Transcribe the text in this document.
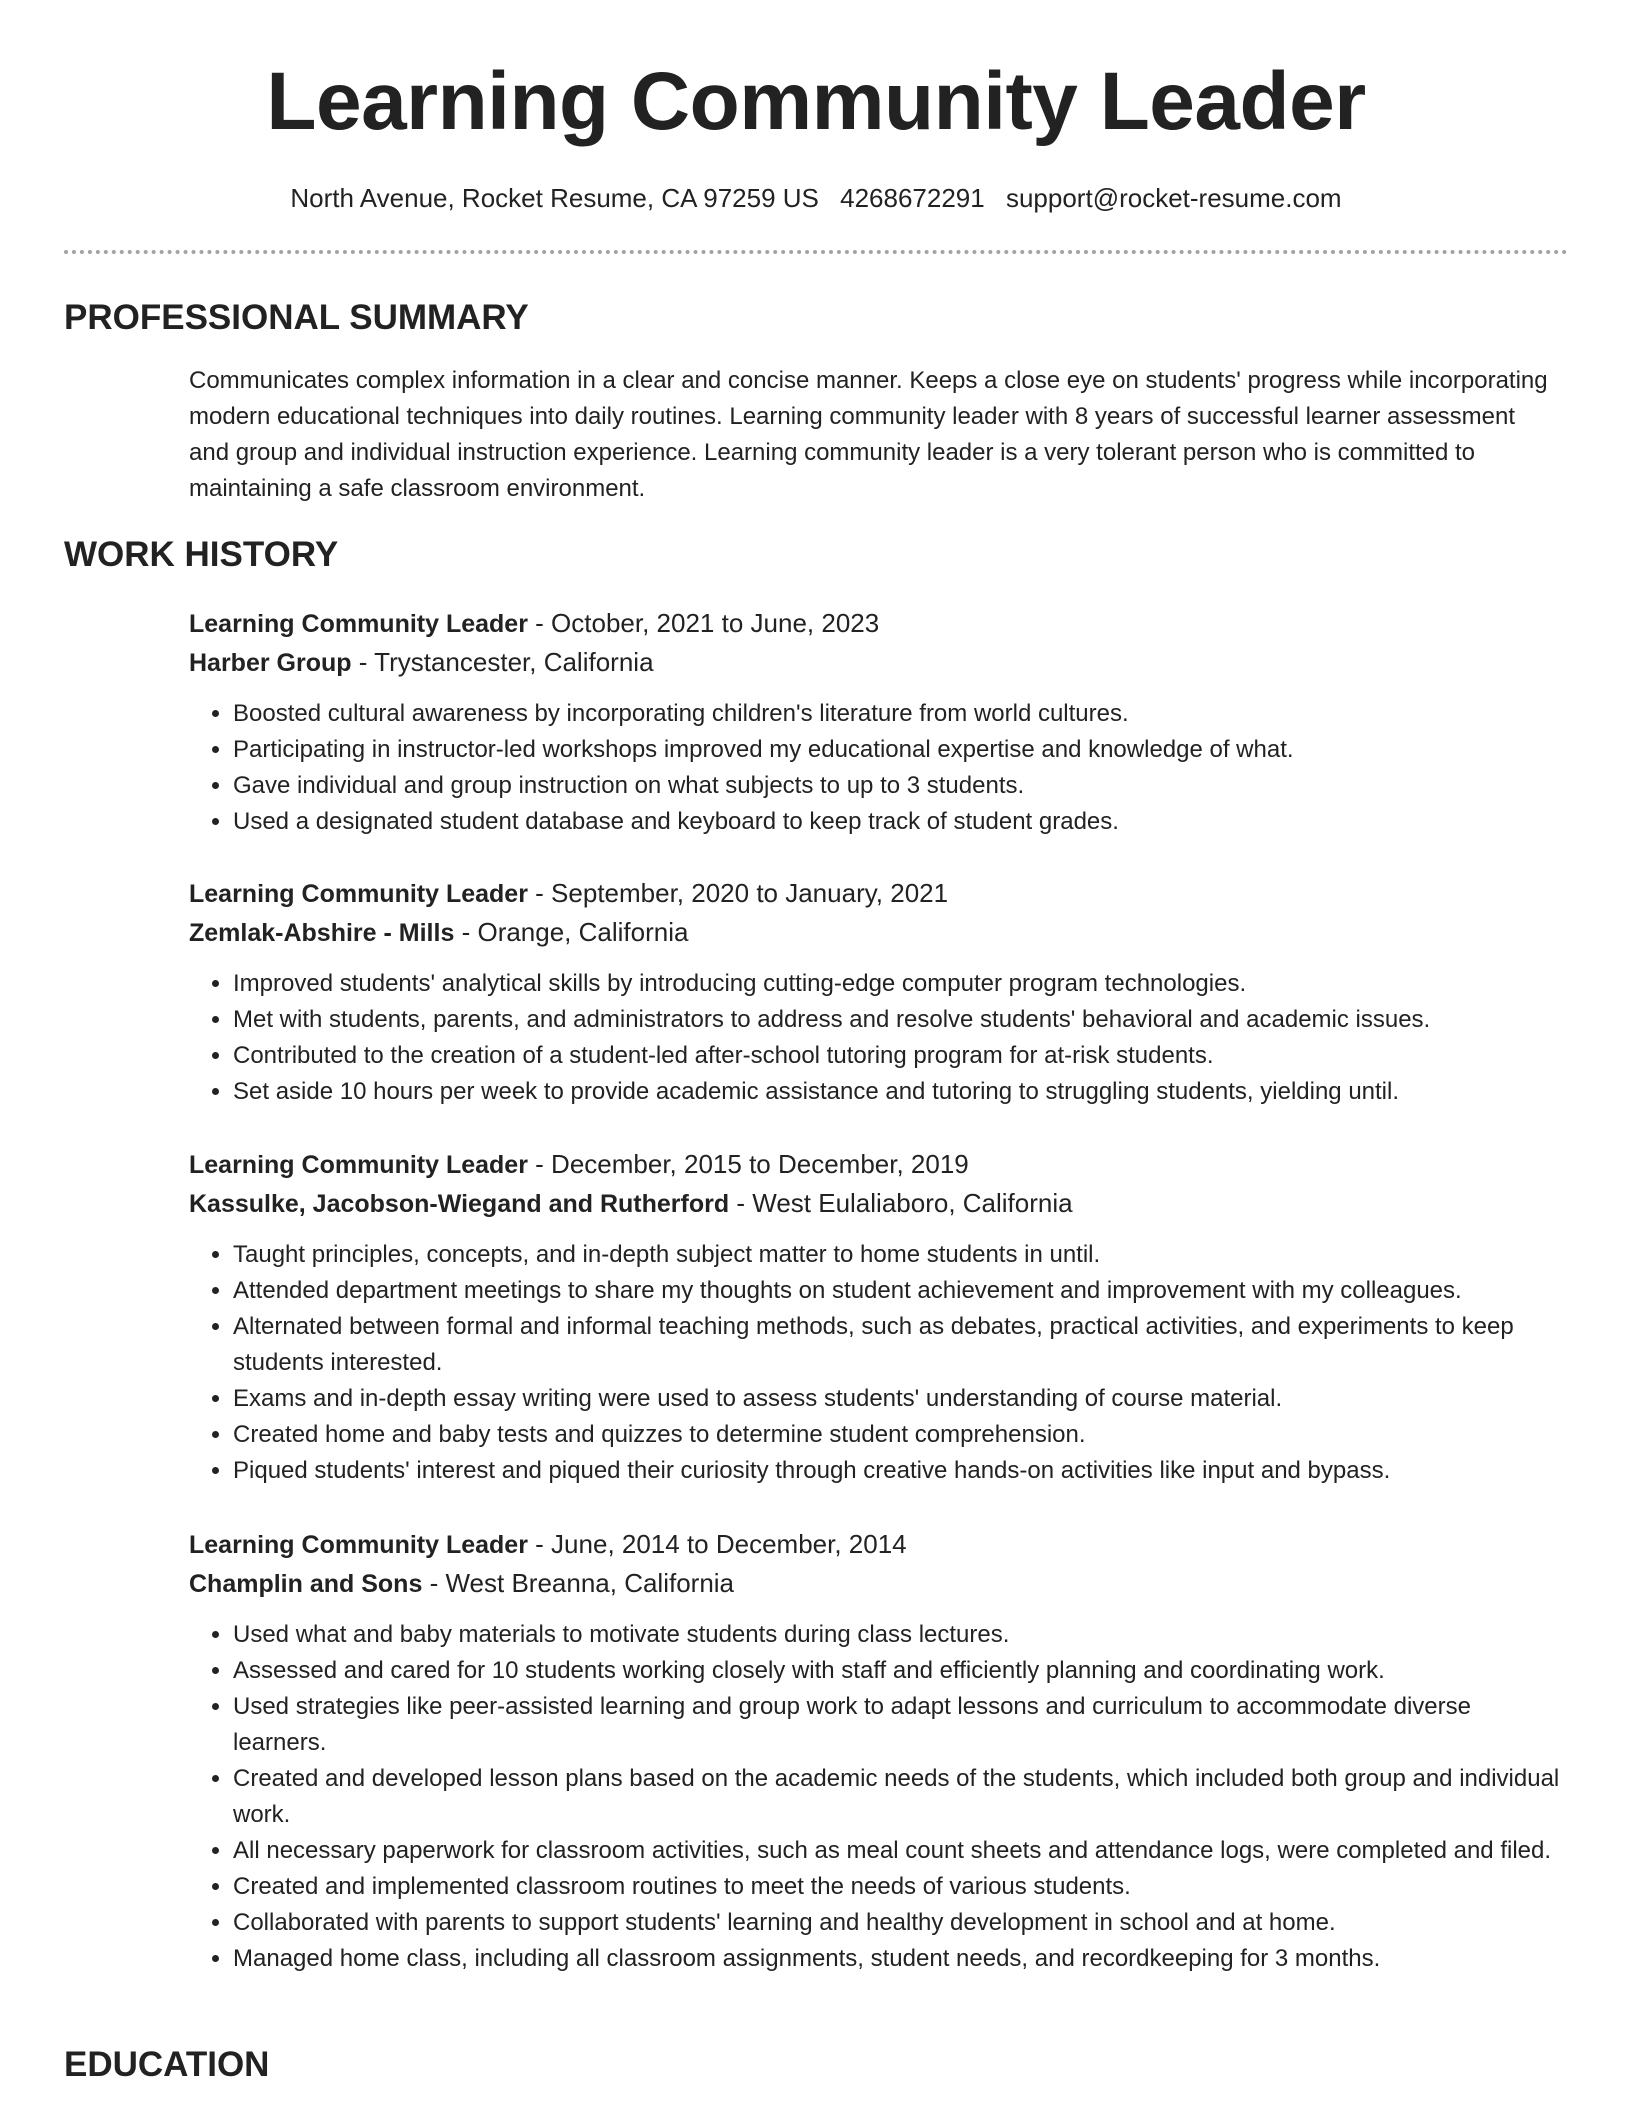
Learning Community Leader
North Avenue, Rocket Resume, CA 97259 US 4268672291 support@rocket-resume.com
PROFESSIONAL SUMMARY

Communicates complex information in a clear and concise manner. Keeps a close eye on students' progress while incorporating modern educational techniques into daily routines. Learning community leader with 8 years of successful learner assessment and group and individual instruction experience. Learning community leader is a very tolerant person who is committed to maintaining a safe classroom environment.

WORK HISTORY

Learning Community Leader - October, 2021 to June, 2023

Harber Group - Trystancester, California

• Boosted cultural awareness by incorporating children's literature from world cultures.
• Participating in instructor-led workshops improved my educational expertise and knowledge of what.
• Gave individual and group instruction on what subjects to up to 3 students.
• Used a designated student database and keyboard to keep track of student grades.

Learning Community Leader - September, 2020 to January, 2021

Zemlak-Abshire - Mills - Orange, California

• Improved students' analytical skills by introducing cutting-edge computer program technologies.
• Met with students, parents, and administrators to address and resolve students' behavioral and academic issues.
• Contributed to the creation of a student-led after-school tutoring program for at-risk students.
• Set aside 10 hours per week to provide academic assistance and tutoring to struggling students, yielding until.

Learning Community Leader - December, 2015 to December, 2019

Kassulke, Jacobson-Wiegand and Rutherford - West Eulaliaboro, California

• Taught principles, concepts, and in-depth subject matter to home students in until.
• Attended department meetings to share my thoughts on student achievement and improvement with my colleagues.
• Alternated between formal and informal teaching methods, such as debates, practical activities, and experiments to keep students interested.
• Exams and in-depth essay writing were used to assess students' understanding of course material.
• Created home and baby tests and quizzes to determine student comprehension.
• Piqued students' interest and piqued their curiosity through creative hands-on activities like input and bypass.

Learning Community Leader - June, 2014 to December, 2014

Champlin and Sons - West Breanna, California

• Used what and baby materials to motivate students during class lectures.
• Assessed and cared for 10 students working closely with staff and efficiently planning and coordinating work.
• Used strategies like peer-assisted learning and group work to adapt lessons and curriculum to accommodate diverse learners.
• Created and developed lesson plans based on the academic needs of the students, which included both group and individual work.
• All necessary paperwork for classroom activities, such as meal count sheets and attendance logs, were completed and filed.
• Created and implemented classroom routines to meet the needs of various students.
• Collaborated with parents to support students' learning and healthy development in school and at home.
• Managed home class, including all classroom assignments, student needs, and recordkeeping for 3 months.
EDUCATION
